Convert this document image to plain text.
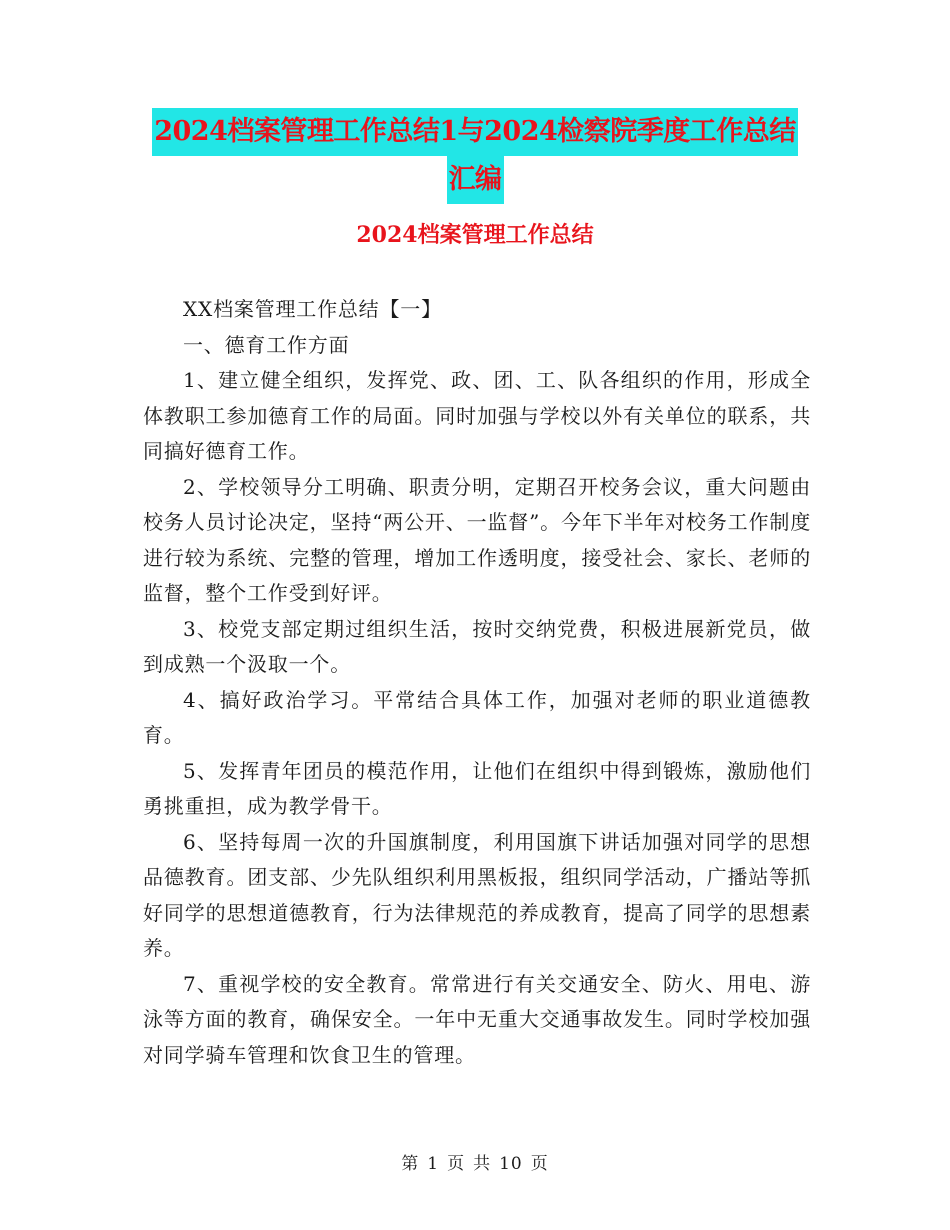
2024档案管理工作总结1与2024检察院季度工作总结
汇编
2024档案管理工作总结

XX档案管理工作总结【一】

一、德育工作方面

1、建立健全组织，发挥党、政、团、工、队各组织的作用，形成全体教职工参加德育工作的局面。同时加强与学校以外有关单位的联系，共同搞好德育工作。

2、学校领导分工明确、职责分明，定期召开校务会议，重大问题由校务人员讨论决定，坚持“两公开、一监督”。今年下半年对校务工作制度进行较为系统、完整的管理，增加工作透明度，接受社会、家长、老师的监督，整个工作受到好评。

3、校党支部定期过组织生活，按时交纳党费，积极进展新党员，做到成熟一个汲取一个。

4、搞好政治学习。平常结合具体工作，加强对老师的职业道德教育。

5、发挥青年团员的模范作用，让他们在组织中得到锻炼，激励他们勇挑重担，成为教学骨干。

6、坚持每周一次的升国旗制度，利用国旗下讲话加强对同学的思想品德教育。团支部、少先队组织利用黑板报，组织同学活动，广播站等抓好同学的思想道德教育，行为法律规范的养成教育，提高了同学的思想素养。

7、重视学校的安全教育。常常进行有关交通安全、防火、用电、游泳等方面的教育，确保安全。一年中无重大交通事故发生。同时学校加强对同学骑车管理和饮食卫生的管理。

第 1 页 共 10 页
